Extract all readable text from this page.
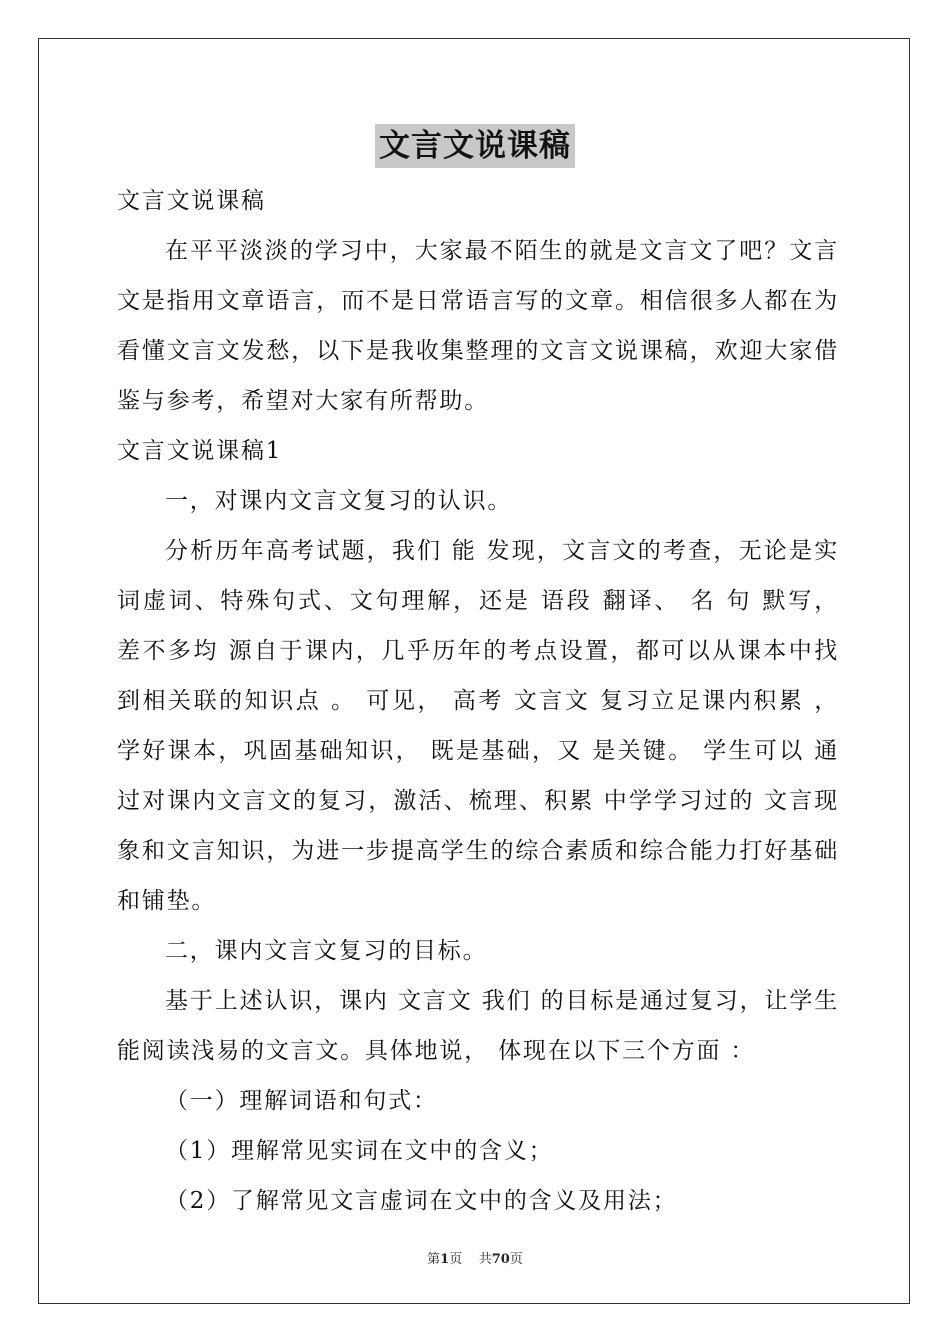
文言文说课稿

文言文说课稿

在平平淡淡的学习中，大家最不陌生的就是文言文了吧？文言文是指用文章语言，而不是日常语言写的文章。相信很多人都在为看懂文言文发愁，以下是我收集整理的文言文说课稿，欢迎大家借鉴与参考，希望对大家有所帮助。

文言文说课稿1

一，对课内文言文复习的认识。

分析历年高考试题，我们 能 发现，文言文的考查，无论是实词虚词、特殊句式、文句理解，还是 语段 翻译、 名 句 默写， 差不多均 源自于课内，几乎历年的考点设置，都可以从课本中找到相关联的知识点 。 可见， 高考 文言文 复习立足课内积累 ， 学好课本，巩固基础知识， 既是基础，又 是关键。 学生可以 通过对课内文言文的复习，激活、梳理、积累 中学学习过的 文言现象和文言知识，为进一步提高学生的综合素质和综合能力打好基础和铺垫。

二，课内文言文复习的目标。

基于上述认识，课内 文言文 我们 的目标是通过复习，让学生能阅读浅易的文言文。具体地说， 体现在以下三个方面 ：

（一）理解词语和句式：

（1）理解常见实词在文中的含义；

（2）了解常见文言虚词在文中的含义及用法；

第1页 共70页
